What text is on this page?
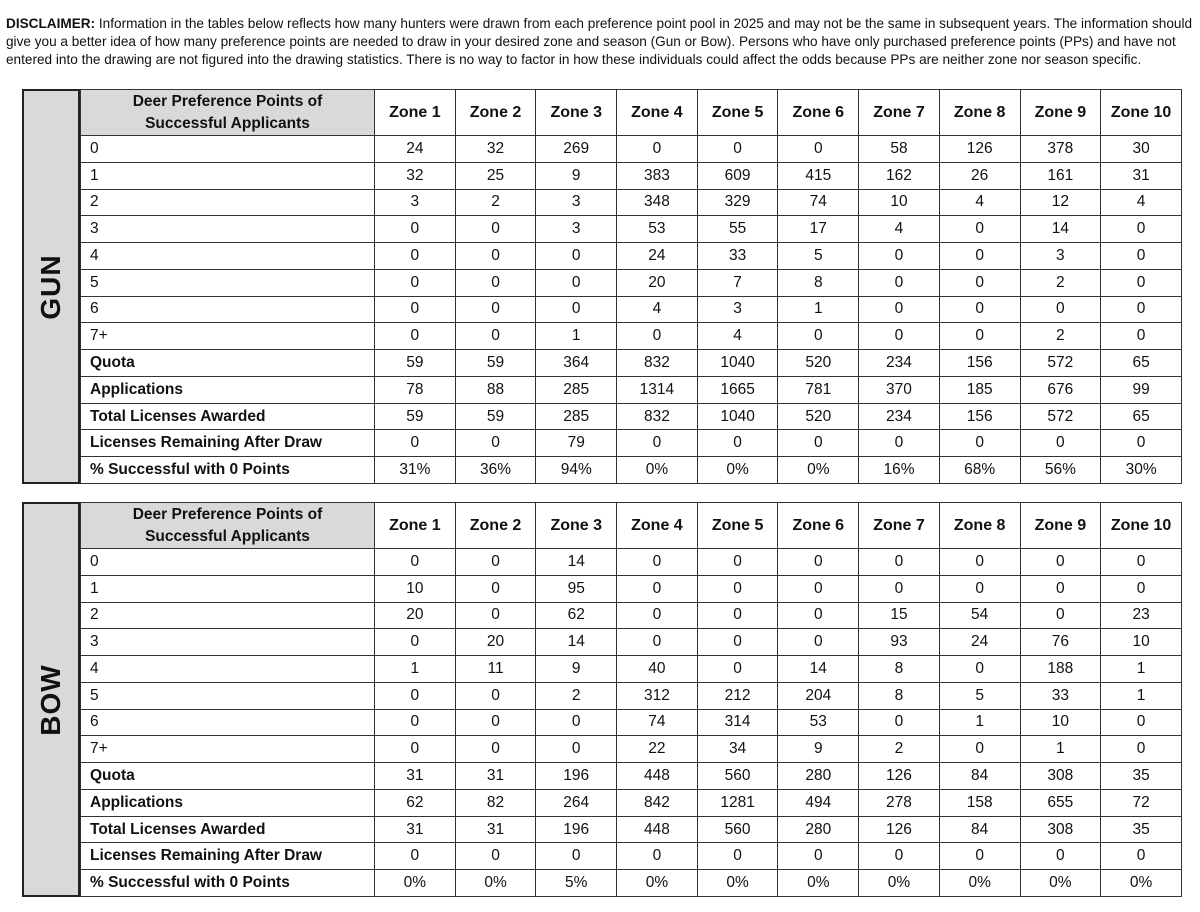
DISCLAIMER: Information in the tables below reflects how many hunters were drawn from each preference point pool in 2025 and may not be the same in subsequent years. The information should give you a better idea of how many preference points are needed to draw in your desired zone and season (Gun or Bow). Persons who have only purchased preference points (PPs) and have not entered into the drawing are not figured into the drawing statistics. There is no way to factor in how these individuals could affect the odds because PPs are neither zone nor season specific.
GUN
Deer Preference Points of
Successful Applicants	Zone 1	Zone 2	Zone 3	Zone 4	Zone 5	Zone 6	Zone 7	Zone 8	Zone 9	Zone 10
0	24	32	269	0	0	0	58	126	378	30
1	32	25	9	383	609	415	162	26	161	31
2	3	2	3	348	329	74	10	4	12	4
3	0	0	3	53	55	17	4	0	14	0
4	0	0	0	24	33	5	0	0	3	0
5	0	0	0	20	7	8	0	0	2	0
6	0	0	0	4	3	1	0	0	0	0
7+	0	0	1	0	4	0	0	0	2	0
Quota	59	59	364	832	1040	520	234	156	572	65
Applications	78	88	285	1314	1665	781	370	185	676	99
Total Licenses Awarded	59	59	285	832	1040	520	234	156	572	65
Licenses Remaining After Draw	0	0	79	0	0	0	0	0	0	0
% Successful with 0 Points	31%	36%	94%	0%	0%	0%	16%	68%	56%	30%
BOW
Deer Preference Points of
Successful Applicants	Zone 1	Zone 2	Zone 3	Zone 4	Zone 5	Zone 6	Zone 7	Zone 8	Zone 9	Zone 10
0	0	0	14	0	0	0	0	0	0	0
1	10	0	95	0	0	0	0	0	0	0
2	20	0	62	0	0	0	15	54	0	23
3	0	20	14	0	0	0	93	24	76	10
4	1	11	9	40	0	14	8	0	188	1
5	0	0	2	312	212	204	8	5	33	1
6	0	0	0	74	314	53	0	1	10	0
7+	0	0	0	22	34	9	2	0	1	0
Quota	31	31	196	448	560	280	126	84	308	35
Applications	62	82	264	842	1281	494	278	158	655	72
Total Licenses Awarded	31	31	196	448	560	280	126	84	308	35
Licenses Remaining After Draw	0	0	0	0	0	0	0	0	0	0
% Successful with 0 Points	0%	0%	5%	0%	0%	0%	0%	0%	0%	0%
